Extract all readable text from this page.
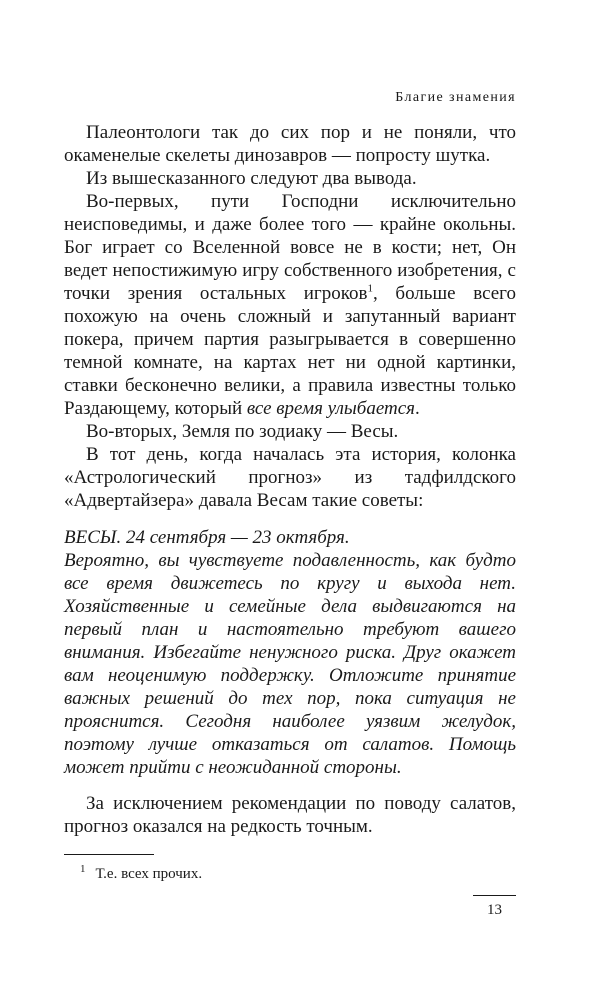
Благие знамения

Палеонтологи так до сих пор и не поняли, что окаменелые скелеты динозавров — попросту шутка.

Из вышесказанного следуют два вывода.

Во-первых, пути Господни исключительно неисповедимы, и даже более того — крайне окольны. Бог играет со Вселенной вовсе не в кости; нет, Он ведет непостижимую игру собственного изобретения, с точки зрения остальных игроков$^1$, больше всего похожую на очень сложный и запутанный вариант покера, причем партия разыгрывается в совершенно темной комнате, на картах нет ни одной картинки, ставки бесконечно велики, а правила известны только Раздающему, который все время улыбается.

Во-вторых, Земля по зодиаку — Весы.

В тот день, когда началась эта история, колонка «Астрологический прогноз» из тадфилдского «Адвертайзера» давала Весам такие советы:

ВЕСЫ. 24 сентября — 23 октября.

Вероятно, вы чувствуете подавленность, как будто все время движетесь по кругу и выхода нет. Хозяйственные и семейные дела выдвигаются на первый план и настоятельно требуют вашего внимания. Избегайте ненужного риска. Друг окажет вам неоценимую поддержку. Отложите принятие важных решений до тех пор, пока ситуация не прояснится. Сегодня наиболее уязвим желудок, поэтому лучше отказаться от салатов. Помощь может прийти с неожиданной стороны.

За исключением рекомендации по поводу салатов, прогноз оказался на редкость точным.

$^1$ Т.е. всех прочих.
13
